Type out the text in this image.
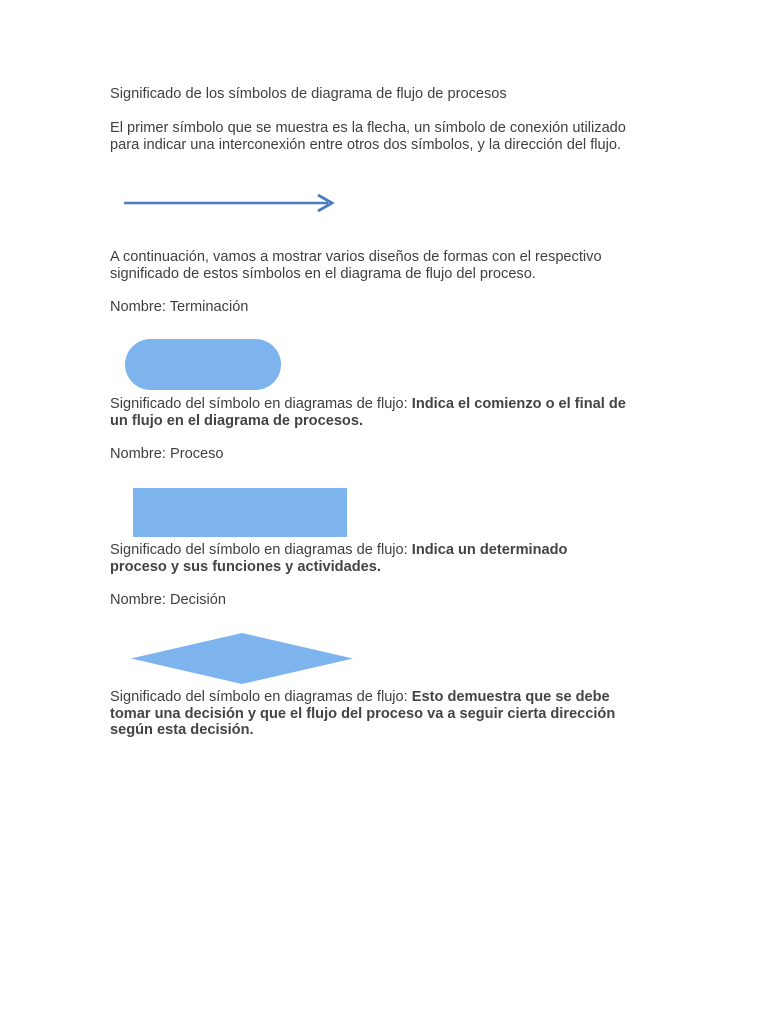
Significado de los símbolos de diagrama de flujo de procesos

El primer símbolo que se muestra es la flecha, un símbolo de conexión utilizado
para indicar una interconexión entre otros dos símbolos, y la dirección del flujo.

A continuación, vamos a mostrar varios diseños de formas con el respectivo
significado de estos símbolos en el diagrama de flujo del proceso.

Nombre: Terminación

Significado del símbolo en diagramas de flujo: Indica el comienzo o el final de
un flujo en el diagrama de procesos.

Nombre: Proceso

Significado del símbolo en diagramas de flujo: Indica un determinado
proceso y sus funciones y actividades.

Nombre: Decisión

Significado del símbolo en diagramas de flujo: Esto demuestra que se debe
tomar una decisión y que el flujo del proceso va a seguir cierta dirección
según esta decisión.
